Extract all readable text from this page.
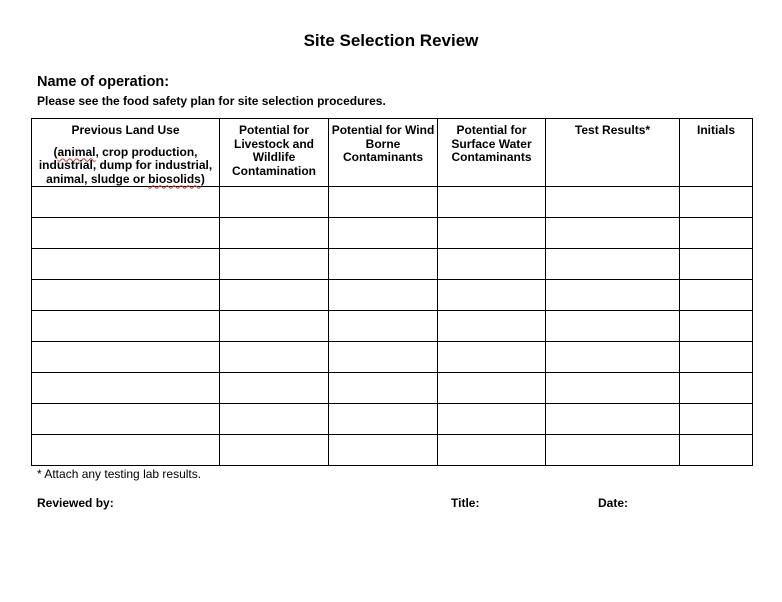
Site Selection Review
Name of operation:
Please see the food safety plan for site selection procedures.
Previous Land Use
(animal, crop production, industrial, dump for industrial, animal, sludge or biosolids)	Potential for Livestock and Wildlife Contamination	Potential for Wind Borne Contaminants	Potential for Surface Water Contaminants	Test Results*	Initials

* Attach any testing lab results.
Reviewed by:	Title:	Date:
